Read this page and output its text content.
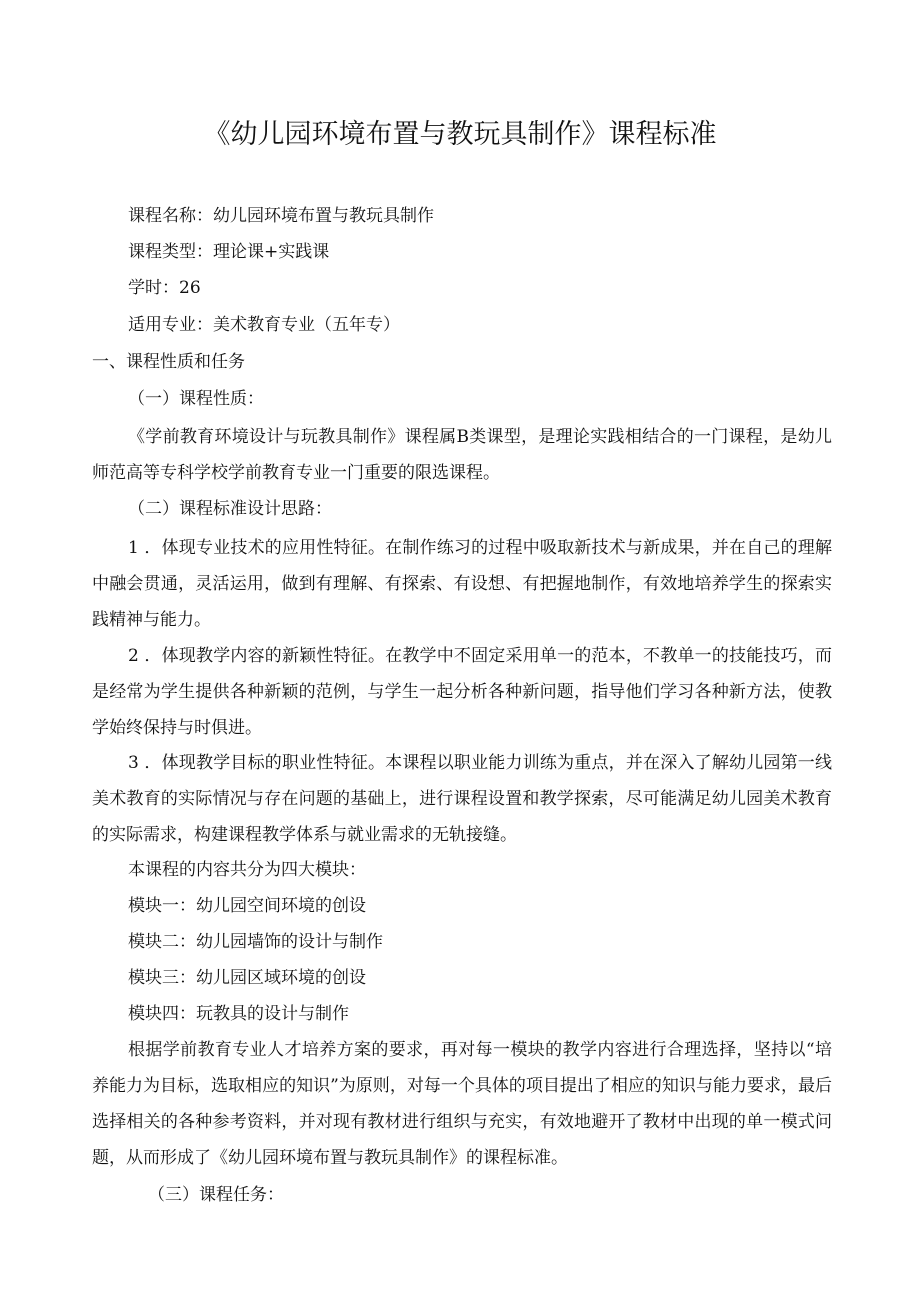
《幼儿园环境布置与教玩具制作》课程标准
课程名称：幼儿园环境布置与教玩具制作
课程类型：理论课+实践课
学时：26
适用专业：美术教育专业（五年专）
一、课程性质和任务
（一）课程性质：
《学前教育环境设计与玩教具制作》课程属B类课型，是理论实践相结合的一门课程，是幼儿师范高等专科学校学前教育专业一门重要的限选课程。
（二）课程标准设计思路：
1 ．体现专业技术的应用性特征。在制作练习的过程中吸取新技术与新成果，并在自己的理解中融会贯通，灵活运用，做到有理解、有探索、有设想、有把握地制作，有效地培养学生的探索实践精神与能力。
2 ．体现教学内容的新颖性特征。在教学中不固定采用单一的范本，不教单一的技能技巧，而是经常为学生提供各种新颖的范例，与学生一起分析各种新问题，指导他们学习各种新方法，使教学始终保持与时俱进。
3 ．体现教学目标的职业性特征。本课程以职业能力训练为重点，并在深入了解幼儿园第一线美术教育的实际情况与存在问题的基础上，进行课程设置和教学探索，尽可能满足幼儿园美术教育的实际需求，构建课程教学体系与就业需求的无轨接缝。
本课程的内容共分为四大模块：
模块一：幼儿园空间环境的创设
模块二：幼儿园墙饰的设计与制作
模块三：幼儿园区域环境的创设
模块四：玩教具的设计与制作
根据学前教育专业人才培养方案的要求，再对每一模块的教学内容进行合理选择，坚持以“培养能力为目标，选取相应的知识”为原则，对每一个具体的项目提出了相应的知识与能力要求，最后选择相关的各种参考资料，并对现有教材进行组织与充实，有效地避开了教材中出现的单一模式问题，从而形成了《幼儿园环境布置与教玩具制作》的课程标准。
（三）课程任务：
